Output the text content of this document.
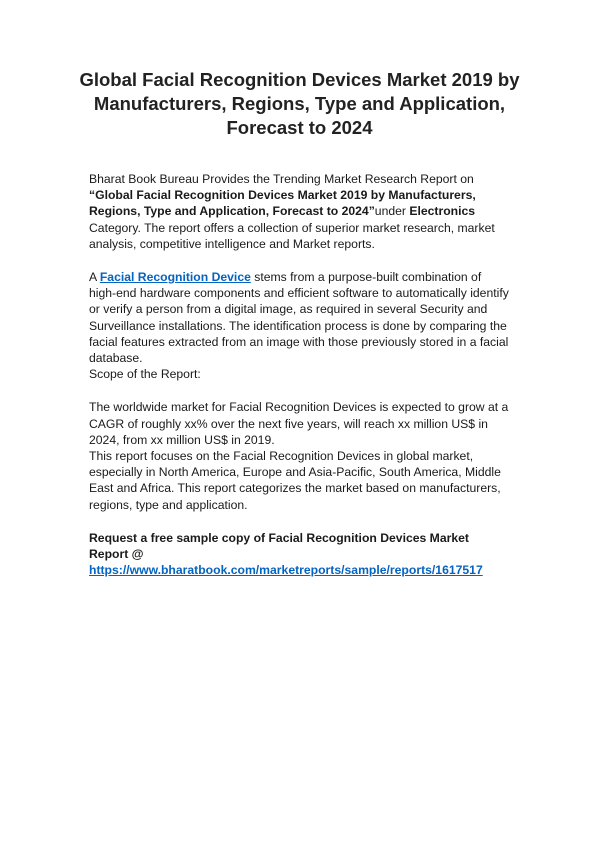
Global Facial Recognition Devices Market 2019 by
Manufacturers, Regions, Type and Application,
Forecast to 2024

Bharat Book Bureau Provides the Trending Market Research Report on “Global Facial Recognition Devices Market 2019 by Manufacturers, Regions, Type and Application, Forecast to 2024”under Electronics Category. The report offers a collection of superior market research, market analysis, competitive intelligence and Market reports.

A Facial Recognition Device stems from a purpose-built combination of high-end hardware components and efficient software to automatically identify or verify a person from a digital image, as required in several Security and Surveillance installations. The identification process is done by comparing the facial features extracted from an image with those previously stored in a facial database.
Scope of the Report:

The worldwide market for Facial Recognition Devices is expected to grow at a CAGR of roughly xx% over the next five years, will reach xx million US$ in 2024, from xx million US$ in 2019.
This report focuses on the Facial Recognition Devices in global market, especially in North America, Europe and Asia-Pacific, South America, Middle East and Africa. This report categorizes the market based on manufacturers, regions, type and application.

Request a free sample copy of Facial Recognition Devices Market Report @
https://www.bharatbook.com/marketreports/sample/reports/1617517
